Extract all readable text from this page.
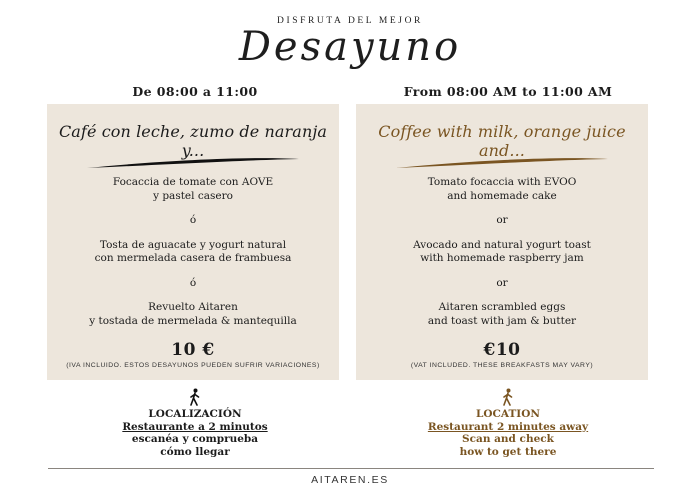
DISFRUTA DEL MEJOR
Desayuno
De 08:00 a 11:00	From 08:00 AM to 11:00 AM
Café con leche, zumo de naranja y...
Focaccia de tomate con AOVE
y pastel casero
ó
Tosta de aguacate y yogurt natural
con mermelada casera de frambuesa
ó
Revuelto Aitaren
y tostada de mermelada & mantequilla
10 €
(IVA INCLUIDO. ESTOS DESAYUNOS PUEDEN SUFRIR VARIACIONES)
Coffee with milk, orange juice and...
Tomato focaccia with EVOO
and homemade cake
or
Avocado and natural yogurt toast
with homemade raspberry jam
or
Aitaren scrambled eggs
and toast with jam & butter
€10
(VAT INCLUDED. THESE BREAKFASTS MAY VARY)
LOCALIZACIÓN
Restaurante a 2 minutos
escanéa y comprueba
cómo llegar
LOCATION
Restaurant 2 minutes away
Scan and check
how to get there
AITAREN.ES
